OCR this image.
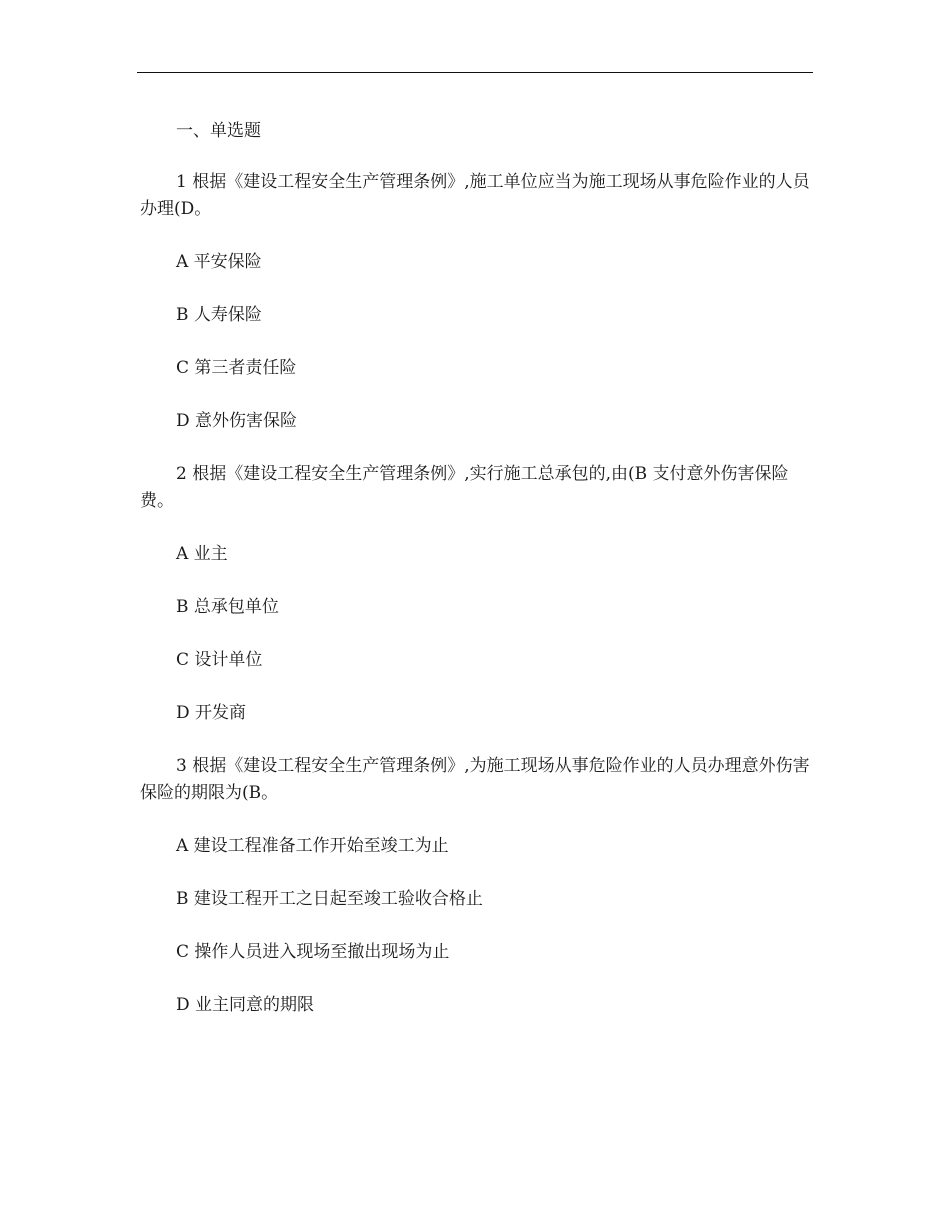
一、单选题

1 根据《建设工程安全生产管理条例》,施工单位应当为施工现场从事危险作业的人员办理(D。

A 平安保险

B 人寿保险

C 第三者责任险

D 意外伤害保险

2 根据《建设工程安全生产管理条例》,实行施工总承包的,由(B 支付意外伤害保险费。

A 业主

B 总承包单位

C 设计单位

D 开发商

3 根据《建设工程安全生产管理条例》,为施工现场从事危险作业的人员办理意外伤害保险的期限为(B。

A 建设工程准备工作开始至竣工为止

B 建设工程开工之日起至竣工验收合格止

C 操作人员进入现场至撤出现场为止

D 业主同意的期限
